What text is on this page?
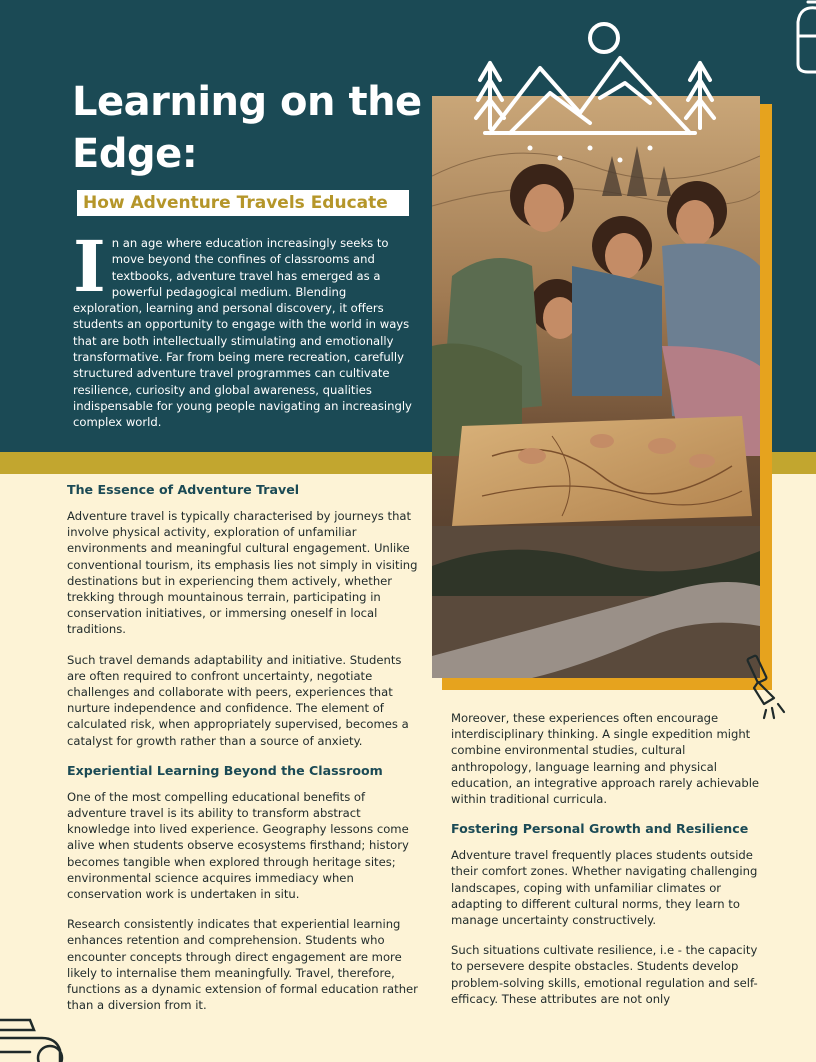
Learning on the Edge:
How Adventure Travels Educate

In an age where education increasingly seeks to move beyond the confines of classrooms and textbooks, adventure travel has emerged as a powerful pedagogical medium. Blending exploration, learning and personal discovery, it offers students an opportunity to engage with the world in ways that are both intellectually stimulating and emotionally transformative. Far from being mere recreation, carefully structured adventure travel programmes can cultivate resilience, curiosity and global awareness, qualities indispensable for young people navigating an increasingly complex world.

The Essence of Adventure Travel

Adventure travel is typically characterised by journeys that involve physical activity, exploration of unfamiliar environments and meaningful cultural engagement. Unlike conventional tourism, its emphasis lies not simply in visiting destinations but in experiencing them actively, whether trekking through mountainous terrain, participating in conservation initiatives, or immersing oneself in local traditions.

Such travel demands adaptability and initiative. Students are often required to confront uncertainty, negotiate challenges and collaborate with peers, experiences that nurture independence and confidence. The element of calculated risk, when appropriately supervised, becomes a catalyst for growth rather than a source of anxiety.

Experiential Learning Beyond the Classroom

One of the most compelling educational benefits of adventure travel is its ability to transform abstract knowledge into lived experience. Geography lessons come alive when students observe ecosystems firsthand; history becomes tangible when explored through heritage sites; environmental science acquires immediacy when conservation work is undertaken in situ.

Research consistently indicates that experiential learning enhances retention and comprehension. Students who encounter concepts through direct engagement are more likely to internalise them meaningfully. Travel, therefore, functions as a dynamic extension of formal education rather than a diversion from it.

Moreover, these experiences often encourage interdisciplinary thinking. A single expedition might combine environmental studies, cultural anthropology, language learning and physical education, an integrative approach rarely achievable within traditional curricula.

Fostering Personal Growth and Resilience

Adventure travel frequently places students outside their comfort zones. Whether navigating challenging landscapes, coping with unfamiliar climates or adapting to different cultural norms, they learn to manage uncertainty constructively.

Such situations cultivate resilience, i.e - the capacity to persevere despite obstacles. Students develop problem-solving skills, emotional regulation and self-efficacy. These attributes are not only
